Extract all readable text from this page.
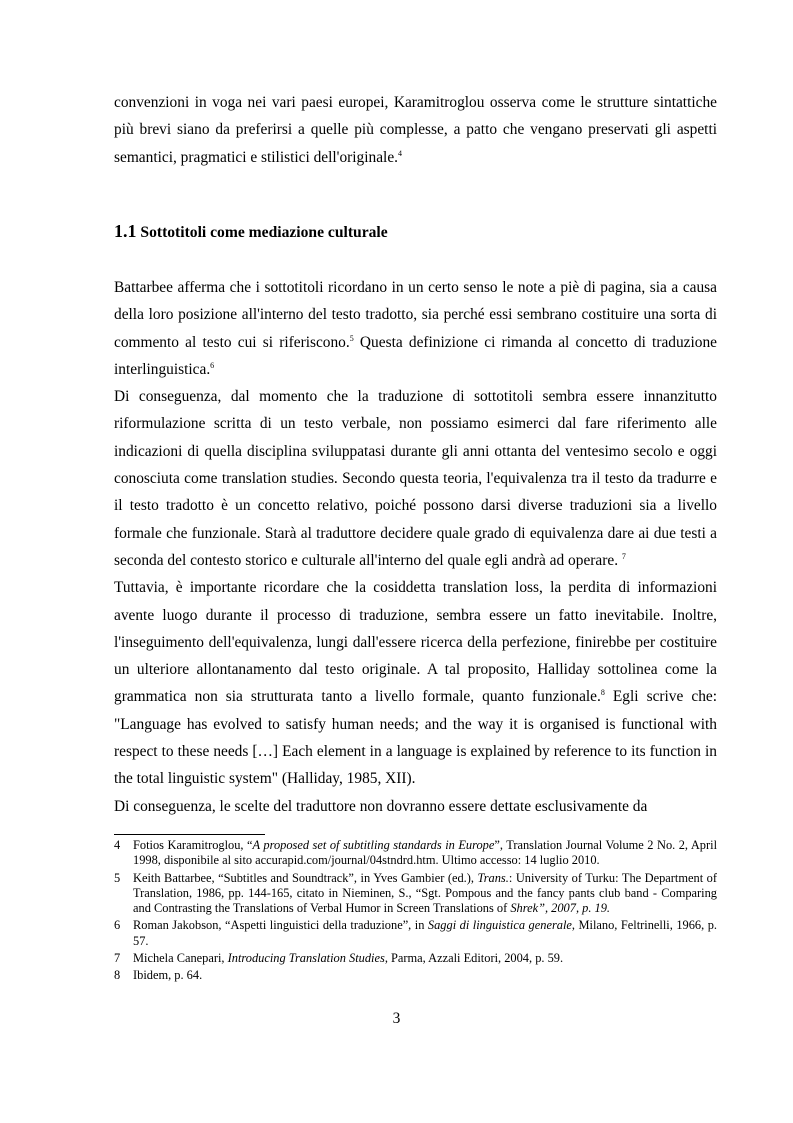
convenzioni in voga nei vari paesi europei, Karamitroglou osserva come le strutture sintattiche più brevi siano da preferirsi a quelle più complesse, a patto che vengano preservati gli aspetti semantici, pragmatici e stilistici dell'originale.$^4$

1.1 Sottotitoli come mediazione culturale

Battarbee afferma che i sottotitoli ricordano in un certo senso le note a piè di pagina, sia a causa della loro posizione all'interno del testo tradotto, sia perché essi sembrano costituire una sorta di commento al testo cui si riferiscono.$^5$ Questa definizione ci rimanda al concetto di traduzione interlinguistica.$^6$

Di conseguenza, dal momento che la traduzione di sottotitoli sembra essere innanzitutto riformulazione scritta di un testo verbale, non possiamo esimerci dal fare riferimento alle indicazioni di quella disciplina sviluppatasi durante gli anni ottanta del ventesimo secolo e oggi conosciuta come translation studies. Secondo questa teoria, l'equivalenza tra il testo da tradurre e il testo tradotto è un concetto relativo, poiché possono darsi diverse traduzioni sia a livello formale che funzionale. Starà al traduttore decidere quale grado di equivalenza dare ai due testi a seconda del contesto storico e culturale all'interno del quale egli andrà ad operare. $^7$

Tuttavia, è importante ricordare che la cosiddetta translation loss, la perdita di informazioni avente luogo durante il processo di traduzione, sembra essere un fatto inevitabile. Inoltre, l'inseguimento dell'equivalenza, lungi dall'essere ricerca della perfezione, finirebbe per costituire un ulteriore allontanamento dal testo originale. A tal proposito, Halliday sottolinea come la grammatica non sia strutturata tanto a livello formale, quanto funzionale.$^8$ Egli scrive che: "Language has evolved to satisfy human needs; and the way it is organised is functional with respect to these needs […] Each element in a language is explained by reference to its function in the total linguistic system" (Halliday, 1985, XII).

Di conseguenza, le scelte del traduttore non dovranno essere dettate esclusivamente da

4	Fotios Karamitroglou, “A proposed set of subtitling standards in Europe”, Translation Journal Volume 2 No. 2, April 1998, disponibile al sito accurapid.com/journal/04stndrd.htm. Ultimo accesso: 14 luglio 2010.
5	Keith Battarbee, “Subtitles and Soundtrack”, in Yves Gambier (ed.), Trans.: University of Turku: The Department of Translation, 1986, pp. 144-165, citato in Nieminen, S., “Sgt. Pompous and the fancy pants club band - Comparing and Contrasting the Translations of Verbal Humor in Screen Translations of Shrek”, 2007, p. 19.
6	Roman Jakobson, “Aspetti linguistici della traduzione”, in Saggi di linguistica generale, Milano, Feltrinelli, 1966, p. 57.
7	Michela Canepari, Introducing Translation Studies, Parma, Azzali Editori, 2004, p. 59.
8	Ibidem, p. 64.
3
